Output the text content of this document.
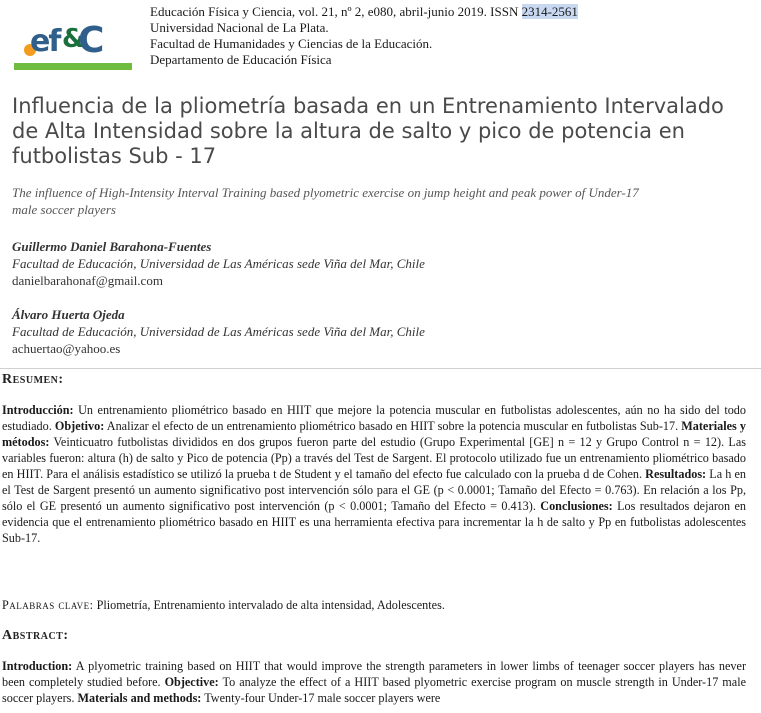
ef &
C
Educación Física y Ciencia, vol. 21, nº 2, e080, abril-junio 2019. ISSN 2314-2561
Universidad Nacional de La Plata.
Facultad de Humanidades y Ciencias de la Educación.
Departamento de Educación Física
Influencia de la pliometría basada en un Entrenamiento Intervalado
de Alta Intensidad sobre la altura de salto y pico de potencia en
futbolistas Sub - 17
The influence of High-Intensity Interval Training based plyometric exercise on jump height and peak power of Under-17
male soccer players
Guillermo Daniel Barahona-Fuentes
Facultad de Educación, Universidad de Las Américas sede Viña del Mar, Chile
danielbarahonaf@gmail.com
Álvaro Huerta Ojeda
Facultad de Educación, Universidad de Las Américas sede Viña del Mar, Chile
achuertao@yahoo.es
Resumen:
Introducción: Un entrenamiento pliométrico basado en HIIT que mejore la potencia muscular en futbolistas adolescentes, aún no ha sido del todo estudiado. Objetivo: Analizar el efecto de un entrenamiento pliométrico basado en HIIT sobre la potencia muscular en futbolistas Sub-17. Materiales y métodos: Veinticuatro futbolistas divididos en dos grupos fueron parte del estudio (Grupo Experimental [GE] n = 12 y Grupo Control n = 12). Las variables fueron: altura (h) de salto y Pico de potencia (Pp) a través del Test de Sargent. El protocolo utilizado fue un entrenamiento pliométrico basado en HIIT. Para el análisis estadístico se utilizó la prueba t de Student y el tamaño del efecto fue calculado con la prueba d de Cohen. Resultados: La h en el Test de Sargent presentó un aumento significativo post intervención sólo para el GE (p < 0.0001; Tamaño del Efecto = 0.763). En relación a los Pp, sólo el GE presentó un aumento significativo post intervención (p < 0.0001; Tamaño del Efecto = 0.413). Conclusiones: Los resultados dejaron en evidencia que el entrenamiento pliométrico basado en HIIT es una herramienta efectiva para incrementar la h de salto y Pp en futbolistas adolescentes Sub-17.
Palabras clave: Pliometría, Entrenamiento intervalado de alta intensidad, Adolescentes.
Abstract:
Introduction: A plyometric training based on HIIT that would improve the strength parameters in lower limbs of teenager soccer players has never been completely studied before. Objective: To analyze the effect of a HIIT based plyometric exercise program on muscle strength in Under-17 male soccer players. Materials and methods: Twenty-four Under-17 male soccer players were
